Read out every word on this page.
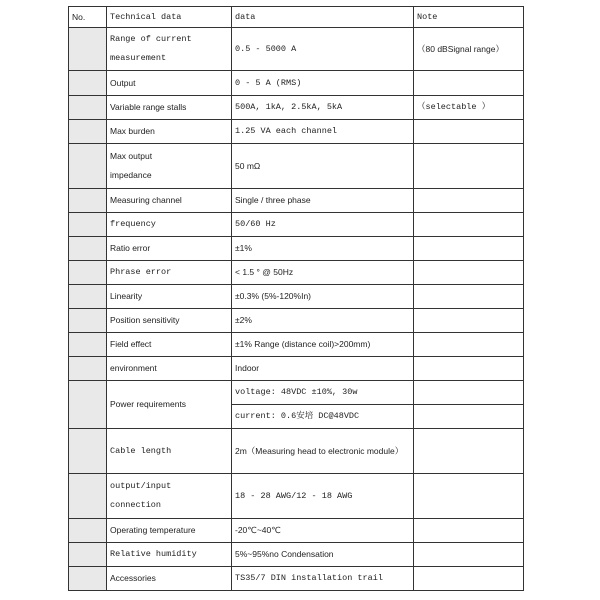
No.	Technical data	data	Note
	Range of current measurement	0.5 - 5000 A	（80 dBSignal range）
	Output	0 - 5 A (RMS)	
	Variable range stalls	500A, 1kA, 2.5kA, 5kA	（selectable ）
	Max burden	1.25 VA each channel	
	Max output impedance	50 mΩ	
	Measuring channel	Single / three phase	
	frequency	50/60 Hz	
	Ratio error	±1%	
	Phrase error	< 1.5 ° @ 50Hz	
	Linearity	±0.3% (5%-120%In)	
	Position sensitivity	±2%	
	Field effect	±1% Range (distance coil)>200mm)	
	environment	Indoor	
	Power requirements	voltage: 48VDC ±10%, 30w	
		current: 0.6安培 DC@48VDC	
	Cable length	2m（Measuring head to electronic module）	
	output/input connection	18 - 28 AWG/12 - 18 AWG	
	Operating temperature	-20℃~40℃	
	Relative humidity	5%~95%no Condensation	
	Accessories	TS35/7 DIN installation trail	
